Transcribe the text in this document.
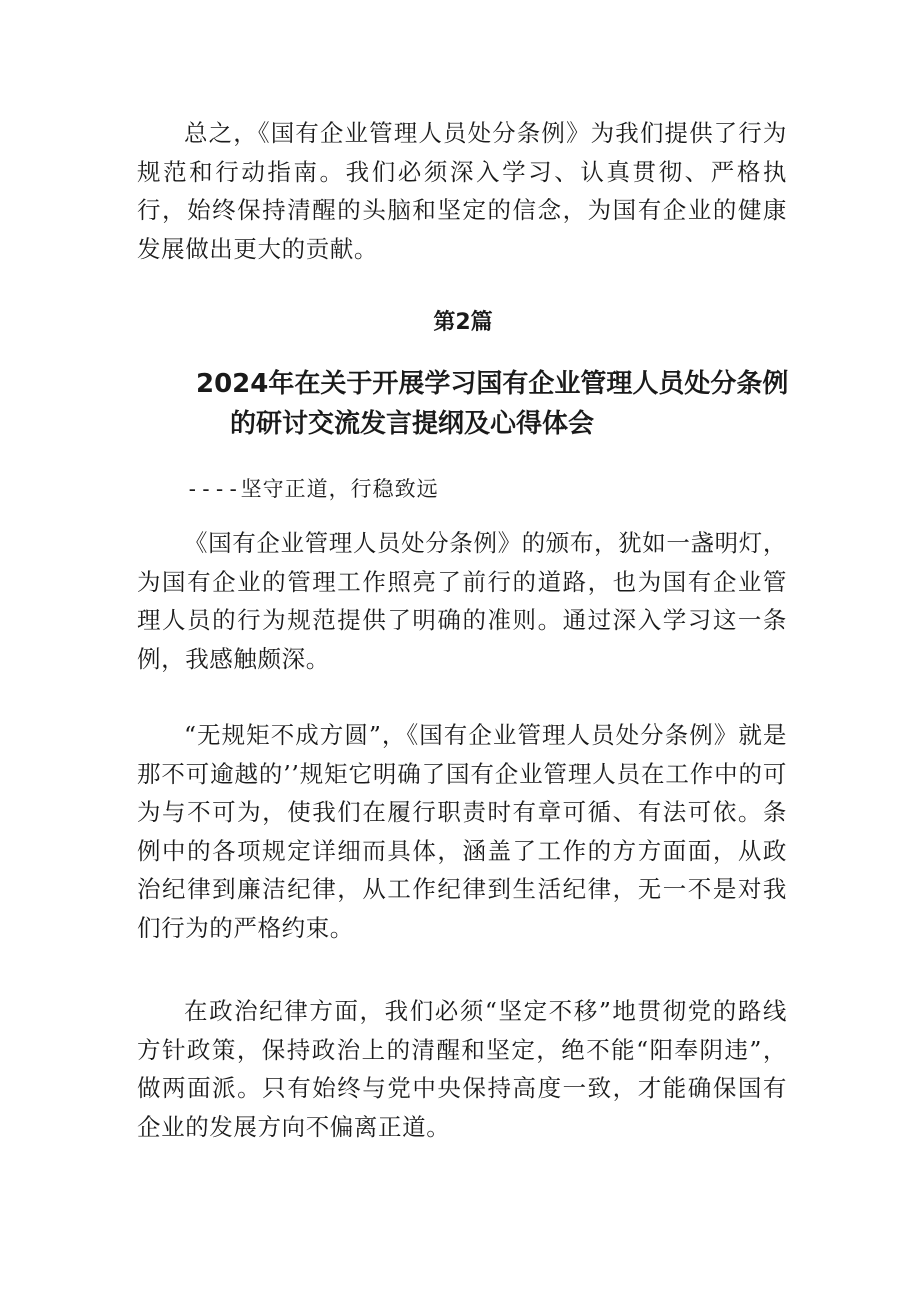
总之，《国有企业管理人员处分条例》为我们提供了行为规范和行动指南。我们必须深入学习、认真贯彻、严格执行，始终保持清醒的头脑和坚定的信念，为国有企业的健康发展做出更大的贡献。

第2篇

2024年在关于开展学习国有企业管理人员处分条例
的研讨交流发言提纲及心得体会

----坚守正道，行稳致远

《国有企业管理人员处分条例》的颁布，犹如一盏明灯，为国有企业的管理工作照亮了前行的道路，也为国有企业管理人员的行为规范提供了明确的准则。通过深入学习这一条例，我感触颇深。

“无规矩不成方圆”，《国有企业管理人员处分条例》就是那不可逾越的’’规矩它明确了国有企业管理人员在工作中的可为与不可为，使我们在履行职责时有章可循、有法可依。条例中的各项规定详细而具体，涵盖了工作的方方面面，从政治纪律到廉洁纪律，从工作纪律到生活纪律，无一不是对我们行为的严格约束。

在政治纪律方面，我们必须“坚定不移”地贯彻党的路线方针政策，保持政治上的清醒和坚定，绝不能“阳奉阴违”，做两面派。只有始终与党中央保持高度一致，才能确保国有企业的发展方向不偏离正道。
